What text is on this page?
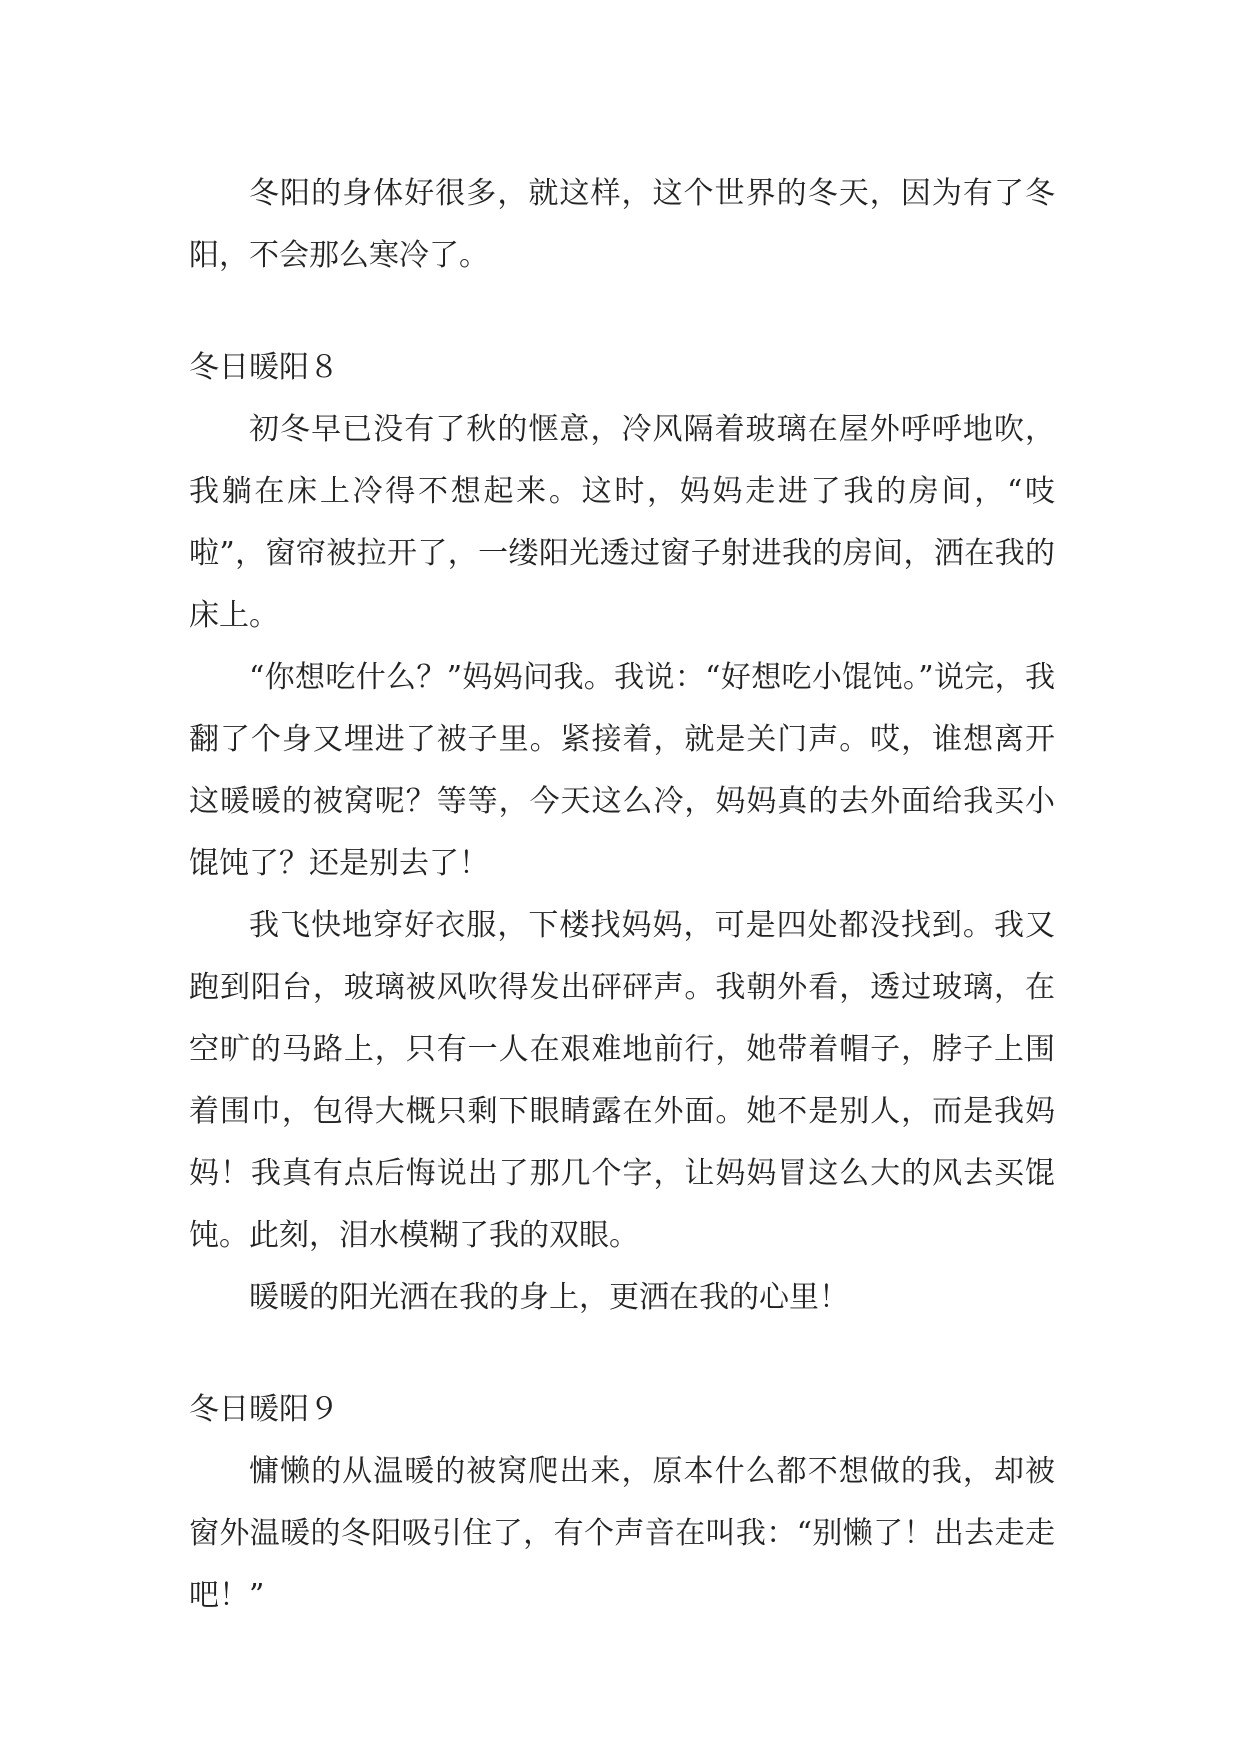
冬阳的身体好很多，就这样，这个世界的冬天，因为有了冬阳，不会那么寒冷了。

冬日暖阳８

初冬早已没有了秋的惬意，冷风隔着玻璃在屋外呼呼地吹，我躺在床上冷得不想起来。这时，妈妈走进了我的房间，“吱啦”，窗帘被拉开了，一缕阳光透过窗子射进我的房间，洒在我的床上。

“你想吃什么？”妈妈问我。我说：“好想吃小馄饨。”说完，我翻了个身又埋进了被子里。紧接着，就是关门声。哎，谁想离开这暖暖的被窝呢？等等，今天这么冷，妈妈真的去外面给我买小馄饨了？还是别去了！

我飞快地穿好衣服，下楼找妈妈，可是四处都没找到。我又跑到阳台，玻璃被风吹得发出砰砰声。我朝外看，透过玻璃，在空旷的马路上，只有一人在艰难地前行，她带着帽子，脖子上围着围巾，包得大概只剩下眼睛露在外面。她不是别人，而是我妈妈！我真有点后悔说出了那几个字，让妈妈冒这么大的风去买馄饨。此刻，泪水模糊了我的双眼。

暖暖的阳光洒在我的身上，更洒在我的心里！

冬日暖阳９

慵懒的从温暖的被窝爬出来，原本什么都不想做的我，却被窗外温暖的冬阳吸引住了，有个声音在叫我：“别懒了！出去走走吧！”
